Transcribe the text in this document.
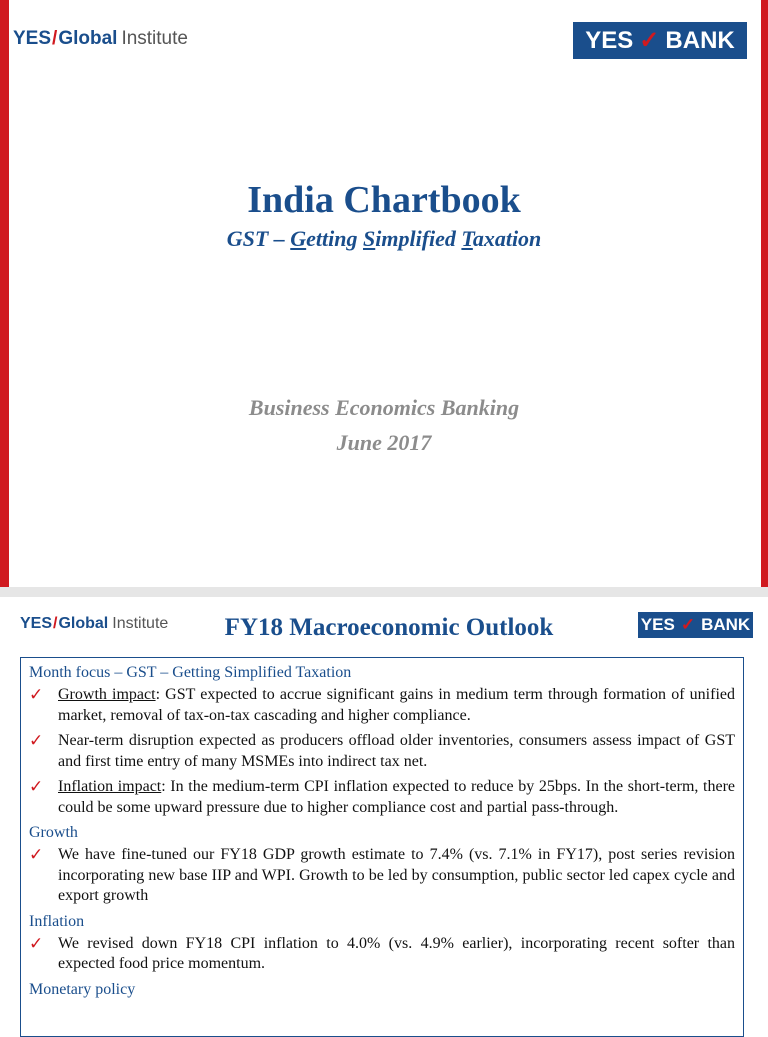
YES / Global Institute	YES ✓ BANK
India Chartbook
GST – Getting Simplified Taxation
Business Economics Banking
June 2017
YES / Global Institute	FY18 Macroeconomic Outlook	YES ✓ BANK
Month focus – GST – Getting Simplified Taxation
✓ Growth impact: GST expected to accrue significant gains in medium term through formation of unified market, removal of tax-on-tax cascading and higher compliance.
✓ Near-term disruption expected as producers offload older inventories, consumers assess impact of GST and first time entry of many MSMEs into indirect tax net.
✓ Inflation impact: In the medium-term CPI inflation expected to reduce by 25bps. In the short-term, there could be some upward pressure due to higher compliance cost and partial pass-through.
Growth
✓ We have fine-tuned our FY18 GDP growth estimate to 7.4% (vs. 7.1% in FY17), post series revision incorporating new base IIP and WPI. Growth to be led by consumption, public sector led capex cycle and export growth
Inflation
✓ We revised down FY18 CPI inflation to 4.0% (vs. 4.9% earlier), incorporating recent softer than expected food price momentum.
Monetary policy
